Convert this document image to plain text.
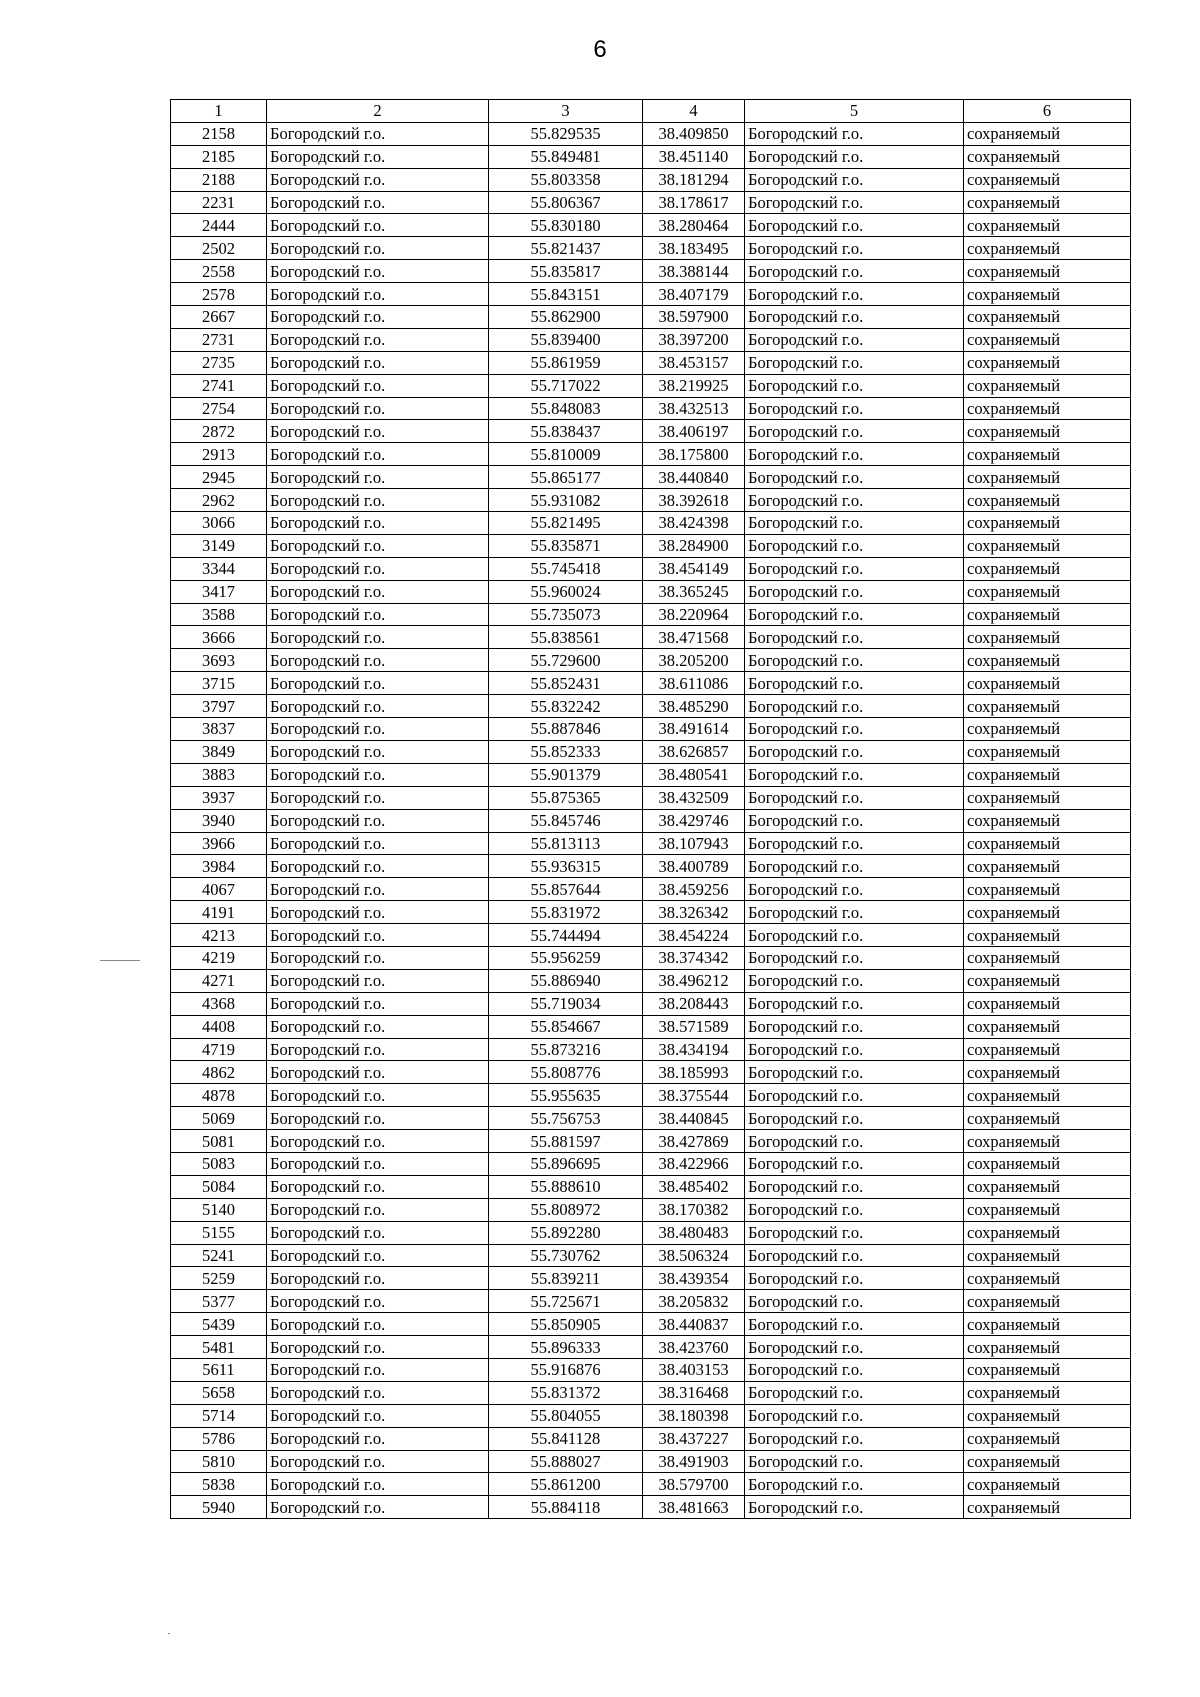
6
1	2	3	4	5	6
2158	Богородский г.о.	55.829535	38.409850	Богородский г.о.	сохраняемый
2185	Богородский г.о.	55.849481	38.451140	Богородский г.о.	сохраняемый
2188	Богородский г.о.	55.803358	38.181294	Богородский г.о.	сохраняемый
2231	Богородский г.о.	55.806367	38.178617	Богородский г.о.	сохраняемый
2444	Богородский г.о.	55.830180	38.280464	Богородский г.о.	сохраняемый
2502	Богородский г.о.	55.821437	38.183495	Богородский г.о.	сохраняемый
2558	Богородский г.о.	55.835817	38.388144	Богородский г.о.	сохраняемый
2578	Богородский г.о.	55.843151	38.407179	Богородский г.о.	сохраняемый
2667	Богородский г.о.	55.862900	38.597900	Богородский г.о.	сохраняемый
2731	Богородский г.о.	55.839400	38.397200	Богородский г.о.	сохраняемый
2735	Богородский г.о.	55.861959	38.453157	Богородский г.о.	сохраняемый
2741	Богородский г.о.	55.717022	38.219925	Богородский г.о.	сохраняемый
2754	Богородский г.о.	55.848083	38.432513	Богородский г.о.	сохраняемый
2872	Богородский г.о.	55.838437	38.406197	Богородский г.о.	сохраняемый
2913	Богородский г.о.	55.810009	38.175800	Богородский г.о.	сохраняемый
2945	Богородский г.о.	55.865177	38.440840	Богородский г.о.	сохраняемый
2962	Богородский г.о.	55.931082	38.392618	Богородский г.о.	сохраняемый
3066	Богородский г.о.	55.821495	38.424398	Богородский г.о.	сохраняемый
3149	Богородский г.о.	55.835871	38.284900	Богородский г.о.	сохраняемый
3344	Богородский г.о.	55.745418	38.454149	Богородский г.о.	сохраняемый
3417	Богородский г.о.	55.960024	38.365245	Богородский г.о.	сохраняемый
3588	Богородский г.о.	55.735073	38.220964	Богородский г.о.	сохраняемый
3666	Богородский г.о.	55.838561	38.471568	Богородский г.о.	сохраняемый
3693	Богородский г.о.	55.729600	38.205200	Богородский г.о.	сохраняемый
3715	Богородский г.о.	55.852431	38.611086	Богородский г.о.	сохраняемый
3797	Богородский г.о.	55.832242	38.485290	Богородский г.о.	сохраняемый
3837	Богородский г.о.	55.887846	38.491614	Богородский г.о.	сохраняемый
3849	Богородский г.о.	55.852333	38.626857	Богородский г.о.	сохраняемый
3883	Богородский г.о.	55.901379	38.480541	Богородский г.о.	сохраняемый
3937	Богородский г.о.	55.875365	38.432509	Богородский г.о.	сохраняемый
3940	Богородский г.о.	55.845746	38.429746	Богородский г.о.	сохраняемый
3966	Богородский г.о.	55.813113	38.107943	Богородский г.о.	сохраняемый
3984	Богородский г.о.	55.936315	38.400789	Богородский г.о.	сохраняемый
4067	Богородский г.о.	55.857644	38.459256	Богородский г.о.	сохраняемый
4191	Богородский г.о.	55.831972	38.326342	Богородский г.о.	сохраняемый
4213	Богородский г.о.	55.744494	38.454224	Богородский г.о.	сохраняемый
4219	Богородский г.о.	55.956259	38.374342	Богородский г.о.	сохраняемый
4271	Богородский г.о.	55.886940	38.496212	Богородский г.о.	сохраняемый
4368	Богородский г.о.	55.719034	38.208443	Богородский г.о.	сохраняемый
4408	Богородский г.о.	55.854667	38.571589	Богородский г.о.	сохраняемый
4719	Богородский г.о.	55.873216	38.434194	Богородский г.о.	сохраняемый
4862	Богородский г.о.	55.808776	38.185993	Богородский г.о.	сохраняемый
4878	Богородский г.о.	55.955635	38.375544	Богородский г.о.	сохраняемый
5069	Богородский г.о.	55.756753	38.440845	Богородский г.о.	сохраняемый
5081	Богородский г.о.	55.881597	38.427869	Богородский г.о.	сохраняемый
5083	Богородский г.о.	55.896695	38.422966	Богородский г.о.	сохраняемый
5084	Богородский г.о.	55.888610	38.485402	Богородский г.о.	сохраняемый
5140	Богородский г.о.	55.808972	38.170382	Богородский г.о.	сохраняемый
5155	Богородский г.о.	55.892280	38.480483	Богородский г.о.	сохраняемый
5241	Богородский г.о.	55.730762	38.506324	Богородский г.о.	сохраняемый
5259	Богородский г.о.	55.839211	38.439354	Богородский г.о.	сохраняемый
5377	Богородский г.о.	55.725671	38.205832	Богородский г.о.	сохраняемый
5439	Богородский г.о.	55.850905	38.440837	Богородский г.о.	сохраняемый
5481	Богородский г.о.	55.896333	38.423760	Богородский г.о.	сохраняемый
5611	Богородский г.о.	55.916876	38.403153	Богородский г.о.	сохраняемый
5658	Богородский г.о.	55.831372	38.316468	Богородский г.о.	сохраняемый
5714	Богородский г.о.	55.804055	38.180398	Богородский г.о.	сохраняемый
5786	Богородский г.о.	55.841128	38.437227	Богородский г.о.	сохраняемый
5810	Богородский г.о.	55.888027	38.491903	Богородский г.о.	сохраняемый
5838	Богородский г.о.	55.861200	38.579700	Богородский г.о.	сохраняемый
5940	Богородский г.о.	55.884118	38.481663	Богородский г.о.	сохраняемый
